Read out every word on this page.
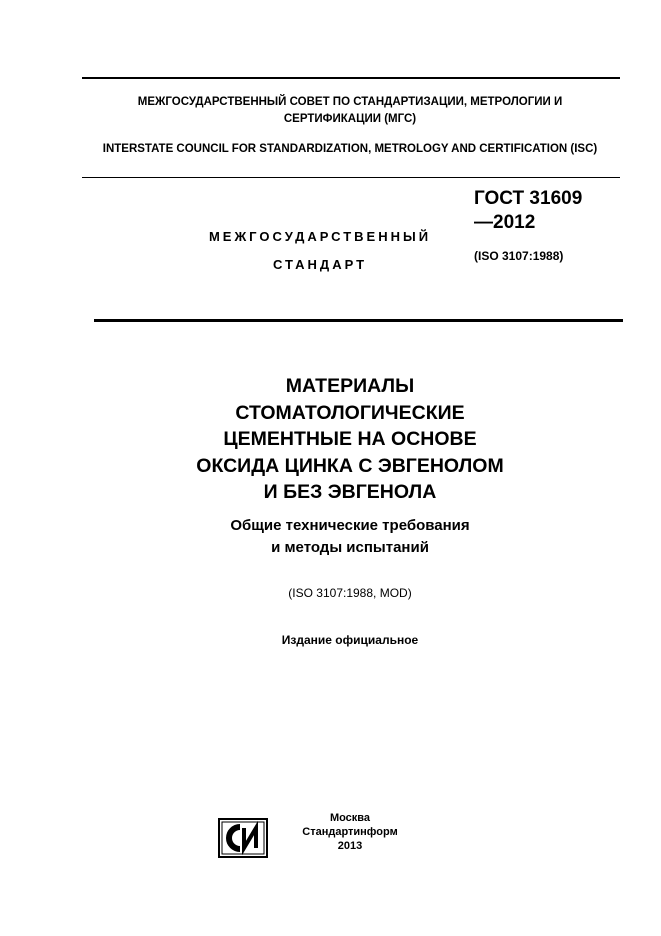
МЕЖГОСУДАРСТВЕННЫЙ СОВЕТ ПО СТАНДАРТИЗАЦИИ, МЕТРОЛОГИИ И СЕРТИФИКАЦИИ (МГС)
INTERSTATE COUNCIL FOR STANDARDIZATION, METROLOGY AND CERTIFICATION (ISC)
МЕЖГОСУДАРСТВЕННЫЙ
СТАНДАРТ
ГОСТ 31609
—2012
(ISO 3107:1988)
МАТЕРИАЛЫ
СТОМАТОЛОГИЧЕСКИЕ
ЦЕМЕНТНЫЕ НА ОСНОВЕ
ОКСИДА ЦИНКА С ЭВГЕНОЛОМ
И БЕЗ ЭВГЕНОЛА
Общие технические требования
и методы испытаний
(ISO 3107:1988, MOD)
Издание официальное
Москва
Стандартинформ
2013
